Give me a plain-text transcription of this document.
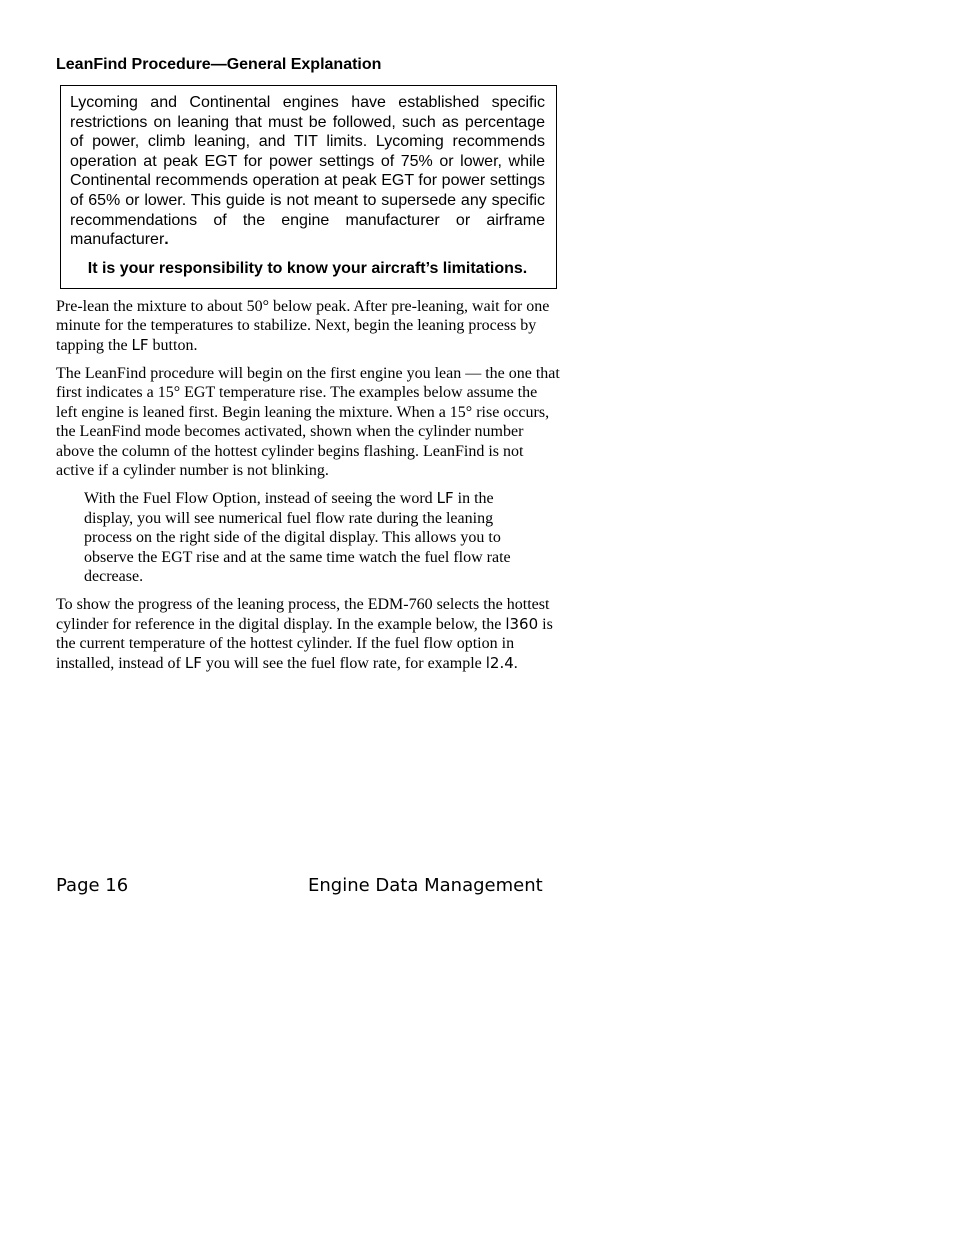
LeanFind Procedure—General Explanation

Lycoming and Continental engines have established specific restrictions on leaning that must be followed, such as percentage of power, climb leaning, and TIT limits. Lycoming recommends operation at peak EGT for power settings of 75% or lower, while Continental recommends operation at peak EGT for power settings of 65% or lower. This guide is not meant to supersede any specific recommendations of the engine manufacturer or airframe manufacturer.

It is your responsibility to know your aircraft’s limitations.

Pre-lean the mixture to about 50° below peak. After pre-leaning, wait for one minute for the temperatures to stabilize. Next, begin the leaning process by tapping the LF button.

The LeanFind procedure will begin on the first engine you lean — the one that first indicates a 15° EGT temperature rise. The examples below assume the left engine is leaned first. Begin leaning the mixture. When a 15° rise occurs, the LeanFind mode becomes activated, shown when the cylinder number above the column of the hottest cylinder begins flashing. LeanFind is not active if a cylinder number is not blinking.

With the Fuel Flow Option, instead of seeing the word LF in the display, you will see numerical fuel flow rate during the leaning process on the right side of the digital display. This allows you to observe the EGT rise and at the same time watch the fuel flow rate decrease.

To show the progress of the leaning process, the EDM-760 selects the hottest cylinder for reference in the digital display. In the example below, the l360 is the current temperature of the hottest cylinder. If the fuel flow option in installed, instead of LF you will see the fuel flow rate, for example l2.4.

Page 16	Engine Data Management
